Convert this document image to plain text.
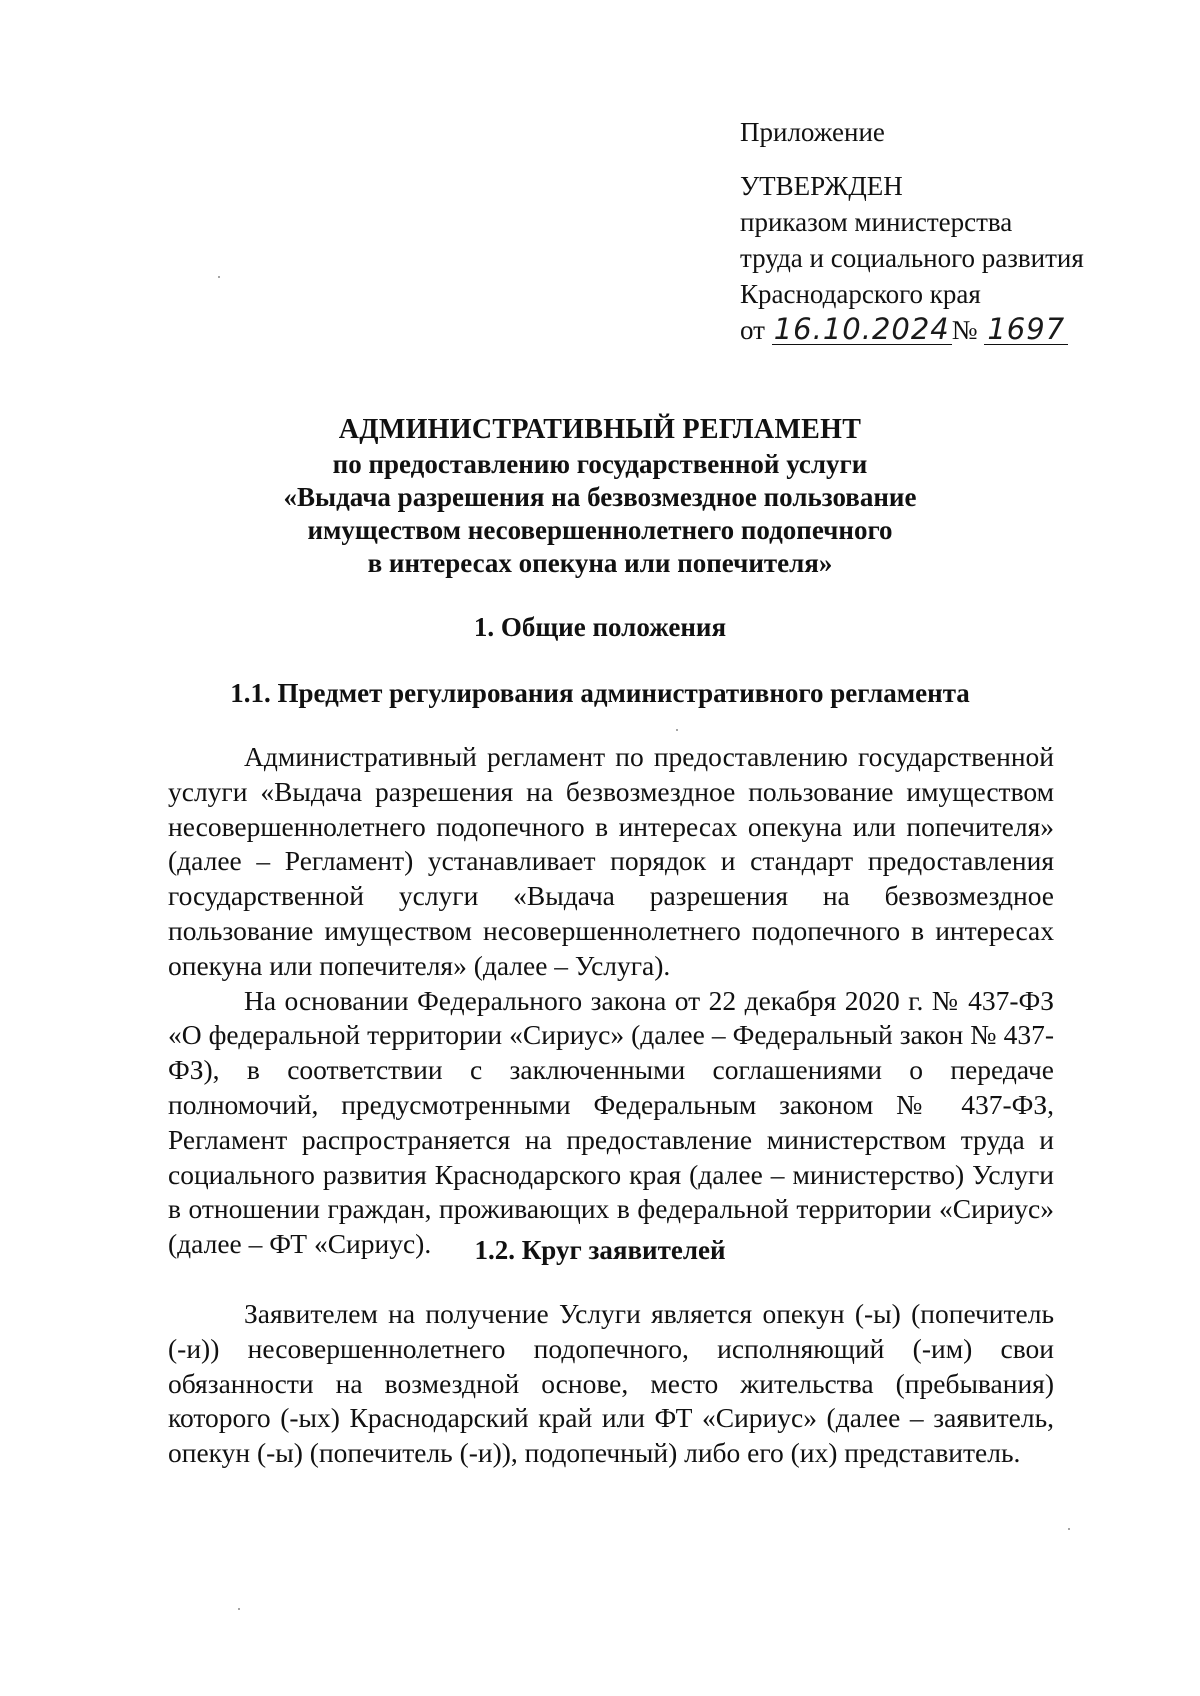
Приложение

УТВЕРЖДЕН

приказом министерства

труда и социального развития

Краснодарского края

от 16.10.2024№ 1697

АДМИНИСТРАТИВНЫЙ РЕГЛАМЕНТ

по предоставлению государственной услуги

«Выдача разрешения на безвозмездное пользование

имуществом несовершеннолетнего подопечного

в интересах опекуна или попечителя»

1. Общие положения

1.1. Предмет регулирования административного регламента

Административный регламент по предоставлению государственной услуги «Выдача разрешения на безвозмездное пользование имуществом несовершеннолетнего подопечного в интересах опекуна или попечителя» (далее – Регламент) устанавливает порядок и стандарт предоставления государственной услуги «Выдача разрешения на безвозмездное пользование имуществом несовершеннолетнего подопечного в интересах опекуна или попечителя» (далее – Услуга).

На основании Федерального закона от 22 декабря 2020 г. № 437-ФЗ «О федеральной территории «Сириус» (далее – Федеральный закон № 437-ФЗ), в соответствии с заключенными соглашениями о передаче полномочий, предусмотренными Федеральным законом № 437-ФЗ, Регламент распространяется на предоставление министерством труда и социального развития Краснодарского края (далее – министерство) Услуги в отношении граждан, проживающих в федеральной территории «Сириус» (далее – ФТ «Сириус).	1.2. Круг заявителей

Заявителем на получение Услуги является опекун (-ы) (попечитель (-и)) несовершеннолетнего подопечного, исполняющий (-им) свои обязанности на возмездной основе, место жительства (пребывания) которого (-ых) Краснодарский край или ФТ «Сириус» (далее – заявитель, опекун (-ы) (попечитель (-и)), подопечный) либо его (их) представитель.
